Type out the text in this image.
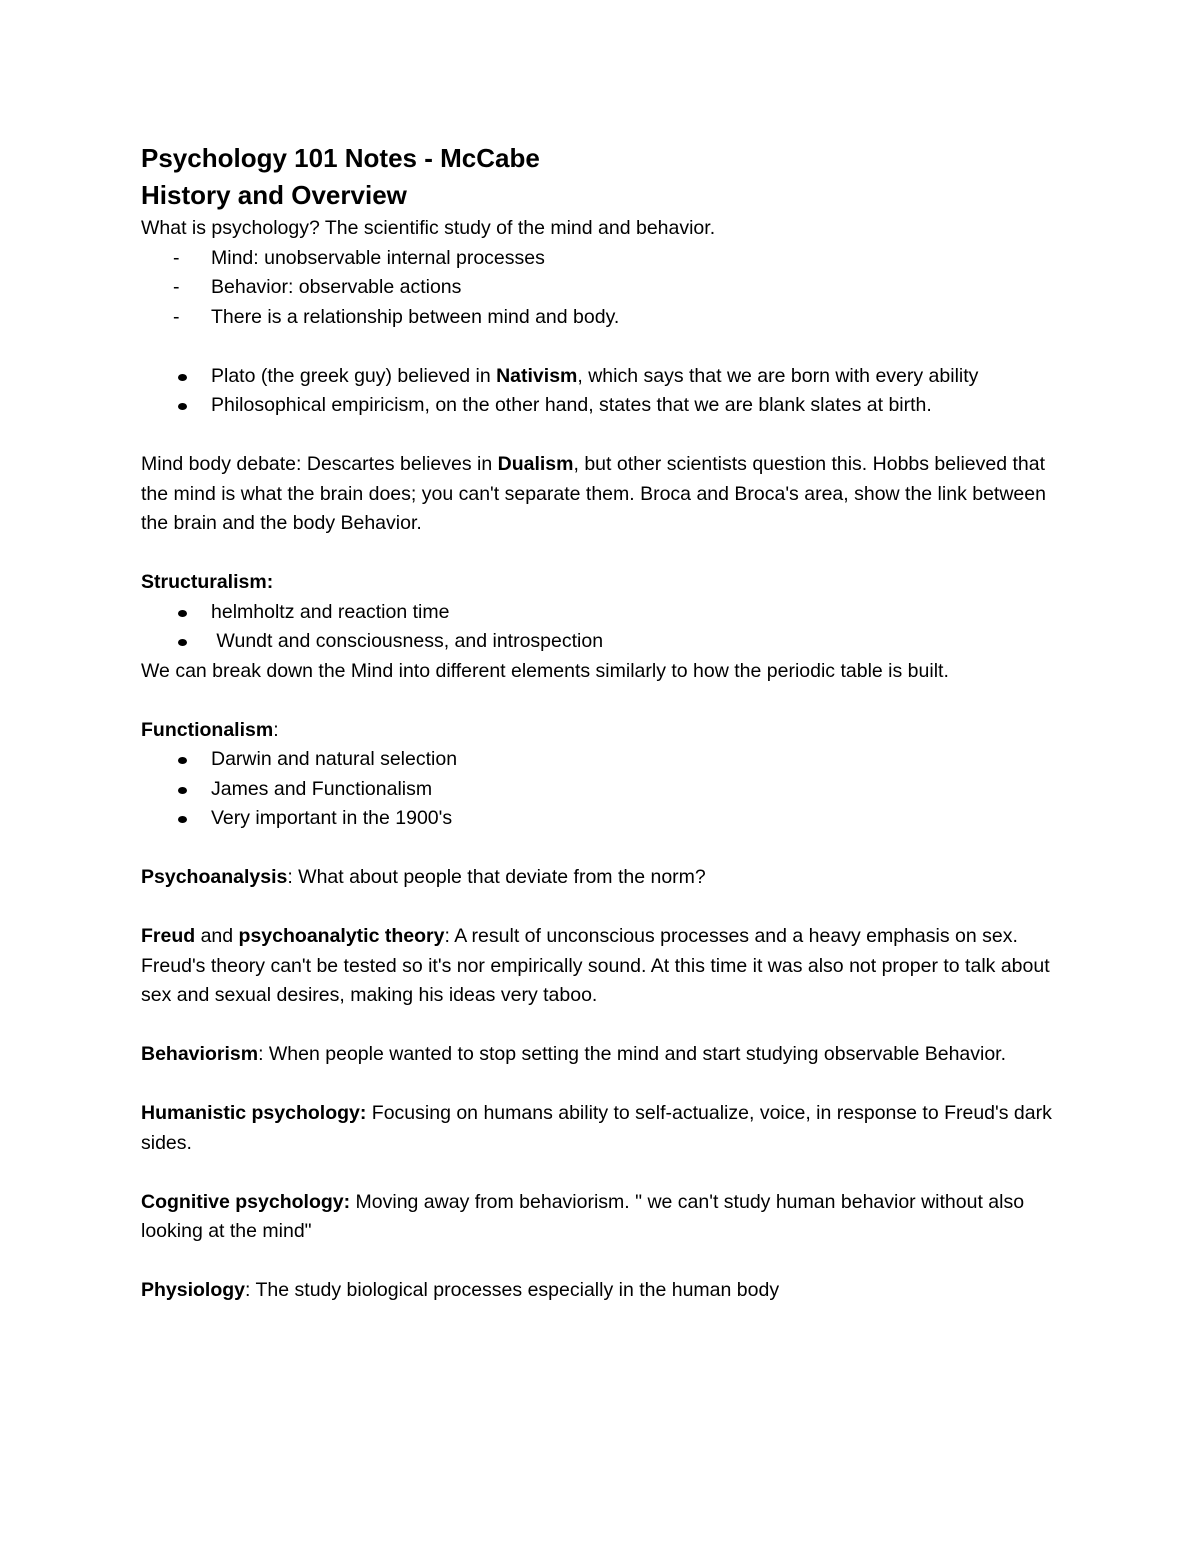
Psychology 101 Notes - McCabe
History and Overview

What is psychology? The scientific study of the mind and behavior.

- Mind: unobservable internal processes
- Behavior: observable actions
- There is a relationship between mind and body.
Plato (the greek guy) believed in Nativism, which says that we are born with every ability
Philosophical empiricism, on the other hand, states that we are blank slates at birth.

Mind body debate: Descartes believes in Dualism, but other scientists question this. Hobbs believed that the mind is what the brain does; you can't separate them. Broca and Broca's area, show the link between the brain and the body Behavior.

Structuralism:

helmholtz and reaction time
Wundt and consciousness, and introspection

We can break down the Mind into different elements similarly to how the periodic table is built.

Functionalism:

Darwin and natural selection
James and Functionalism
Very important in the 1900's

Psychoanalysis: What about people that deviate from the norm?

Freud and psychoanalytic theory: A result of unconscious processes and a heavy emphasis on sex. Freud's theory can't be tested so it's nor empirically sound. At this time it was also not proper to talk about sex and sexual desires, making his ideas very taboo.

Behaviorism: When people wanted to stop setting the mind and start studying observable Behavior.

Humanistic psychology: Focusing on humans ability to self-actualize, voice, in response to Freud's dark sides.

Cognitive psychology: Moving away from behaviorism. " we can't study human behavior without also looking at the mind"

Physiology: The study biological processes especially in the human body
